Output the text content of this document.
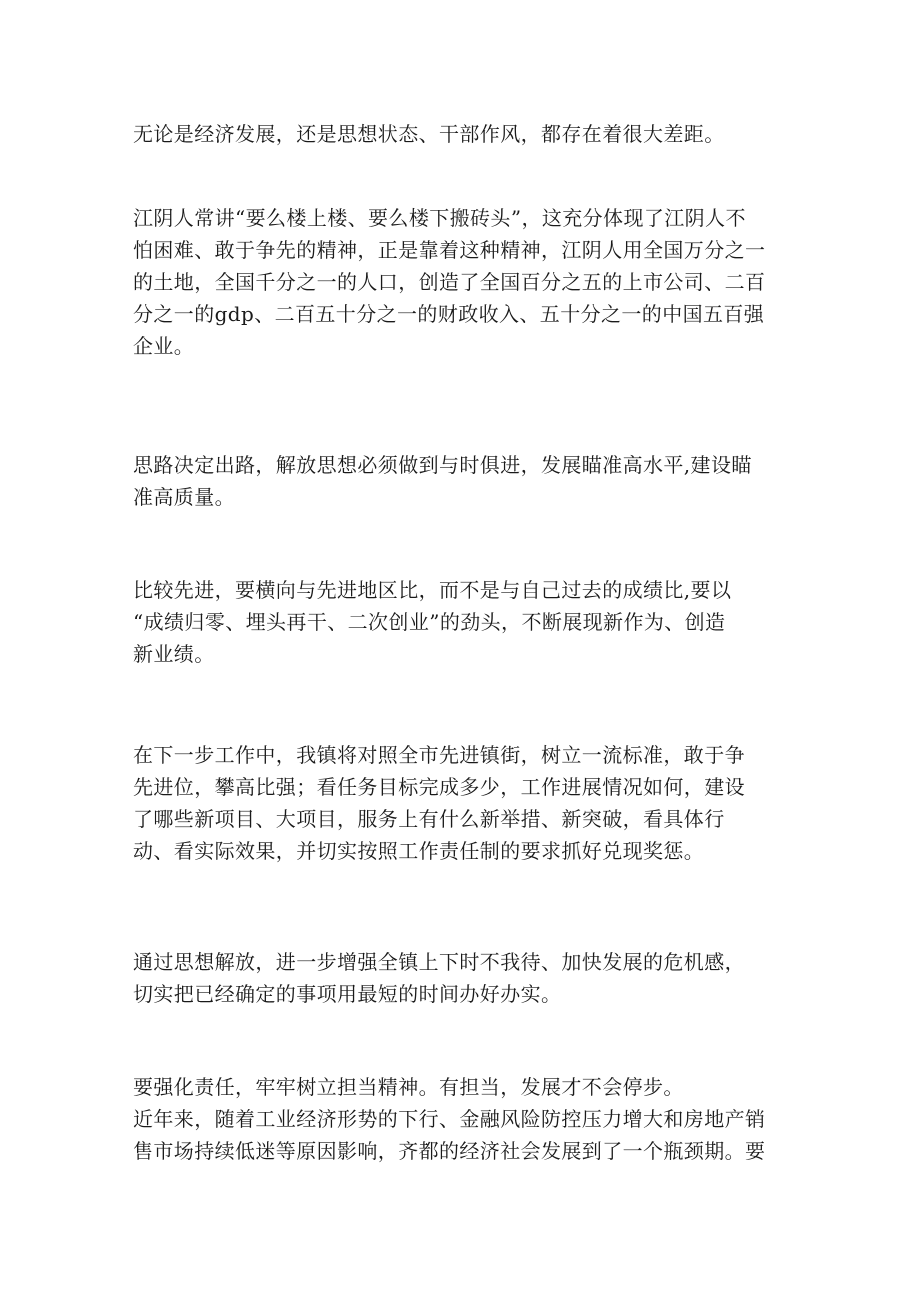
无论是经济发展，还是思想状态、干部作风，都存在着很大差距。

江阴人常讲“要么楼上楼、要么楼下搬砖头”，这充分体现了江阴人不
怕困难、敢于争先的精神，正是靠着这种精神，江阴人用全国万分之一
的土地，全国千分之一的人口，创造了全国百分之五的上市公司、二百
分之一的gdp、二百五十分之一的财政收入、五十分之一的中国五百强
企业。

思路决定出路，解放思想必须做到与时俱进，发展瞄准高水平,建设瞄
准高质量。

比较先进，要横向与先进地区比，而不是与自己过去的成绩比,要以
“成绩归零、埋头再干、二次创业”的劲头，不断展现新作为、创造
新业绩。

在下一步工作中，我镇将对照全市先进镇街，树立一流标准，敢于争
先进位，攀高比强；看任务目标完成多少，工作进展情况如何，建设
了哪些新项目、大项目，服务上有什么新举措、新突破，看具体行
动、看实际效果，并切实按照工作责任制的要求抓好兑现奖惩。

通过思想解放，进一步增强全镇上下时不我待、加快发展的危机感，
切实把已经确定的事项用最短的时间办好办实。

要强化责任，牢牢树立担当精神。有担当，发展才不会停步。
近年来，随着工业经济形势的下行、金融风险防控压力增大和房地产销
售市场持续低迷等原因影响，齐都的经济社会发展到了一个瓶颈期。要
